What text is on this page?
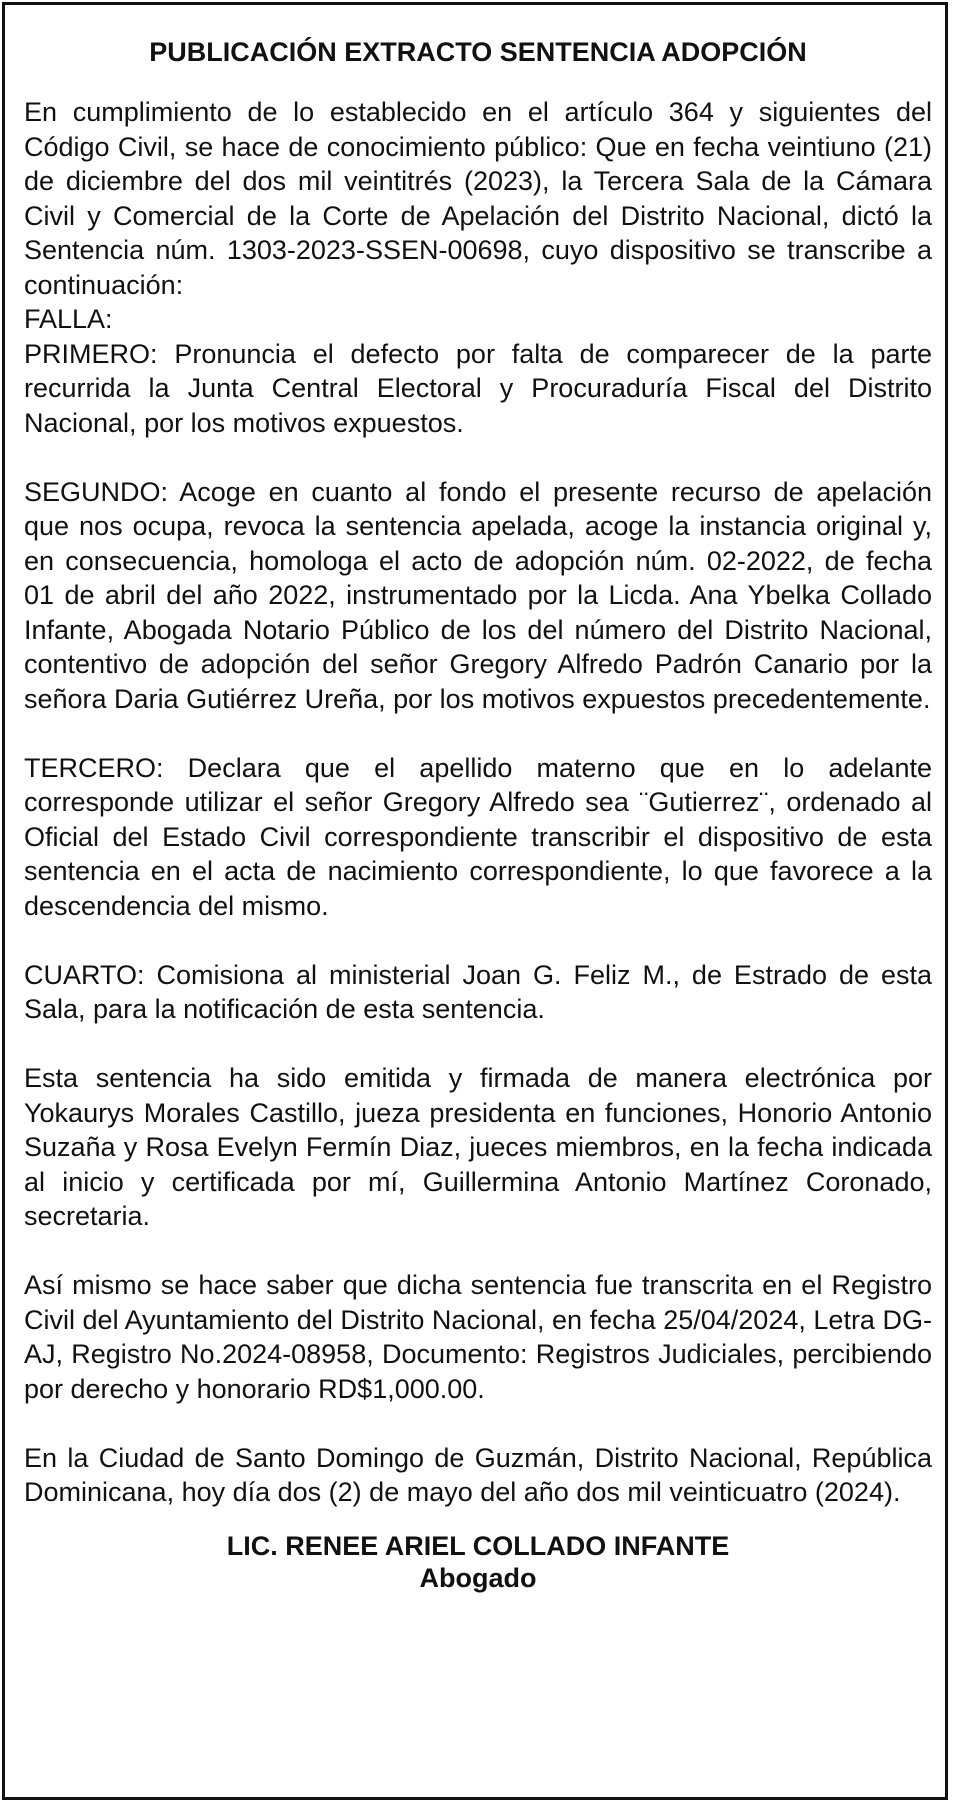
PUBLICACIÓN EXTRACTO SENTENCIA ADOPCIÓN

En cumplimiento de lo establecido en el artículo 364 y siguientes del Código Civil, se hace de conocimiento público: Que en fecha veintiuno (21) de diciembre del dos mil veintitrés (2023), la Tercera Sala de la Cámara Civil y Comercial de la Corte de Apelación del Distrito Nacional, dictó la Sentencia núm. 1303-2023-SSEN-00698, cuyo dispositivo se transcribe a continuación:

FALLA:

PRIMERO: Pronuncia el defecto por falta de comparecer de la parte recurrida la Junta Central Electoral y Procuraduría Fiscal del Distrito Nacional, por los motivos expuestos.

SEGUNDO: Acoge en cuanto al fondo el presente recurso de apelación que nos ocupa, revoca la sentencia apelada, acoge la instancia original y, en consecuencia, homologa el acto de adopción núm. 02-2022, de fecha 01 de abril del año 2022, instrumentado por la Licda. Ana Ybelka Collado Infante, Abogada Notario Público de los del número del Distrito Nacional, contentivo de adopción del señor Gregory Alfredo Padrón Canario por la señora Daria Gutiérrez Ureña, por los motivos expuestos precedentemente.

TERCERO: Declara que el apellido materno que en lo adelante corresponde utilizar el señor Gregory Alfredo sea ¨Gutierrez¨, ordenado al Oficial del Estado Civil correspondiente transcribir el dispositivo de esta sentencia en el acta de nacimiento correspondiente, lo que favorece a la descendencia del mismo.

CUARTO: Comisiona al ministerial Joan G. Feliz M., de Estrado de esta Sala, para la notificación de esta sentencia.

Esta sentencia ha sido emitida y firmada de manera electrónica por Yokaurys Morales Castillo, jueza presidenta en funciones, Honorio Antonio Suzaña y Rosa Evelyn Fermín Diaz, jueces miembros, en la fecha indicada al inicio y certificada por mí, Guillermina Antonio Martínez Coronado, secretaria.

Así mismo se hace saber que dicha sentencia fue transcrita en el Registro Civil del Ayuntamiento del Distrito Nacional, en fecha 25/04/2024, Letra DG-AJ, Registro No.2024-08958, Documento: Registros Judiciales, percibiendo por derecho y honorario RD$1,000.00.

En la Ciudad de Santo Domingo de Guzmán, Distrito Nacional, República Dominicana, hoy día dos (2) de mayo del año dos mil veinticuatro (2024).

LIC. RENEE ARIEL COLLADO INFANTE
Abogado
